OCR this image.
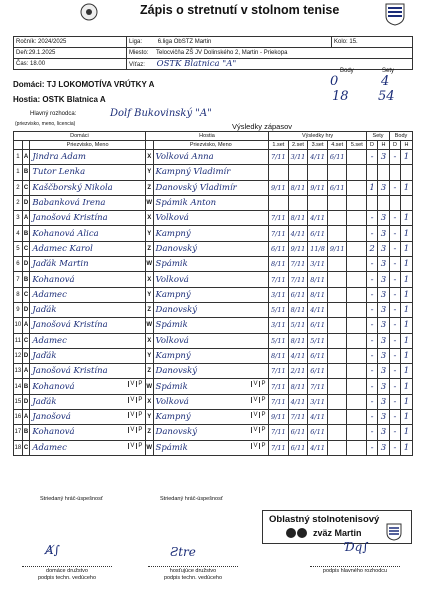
Zápis o stretnutí v stolnom tenise
Ročník: 2024/2025	Liga: 6.liga ObSTZ Martin	Kolo: 15.
Deň:29.1.2025	Miesto: Telocvičňa ZŠ JV Dolinského 2, Martin - Priekopa	
Čas: 18.00	Víťaz: OSTK Blatnica "A"	
Body	Sety
Domáci: TJ LOKOMOTÍVA VRÚTKY A	0	4
Hostia: OSTK Blatnica A	18 54
Hlavný rozhodca:
(priezvisko, meno, licencia)
Dolf Bukovinský "A"
Výsledky zápasov
Domáci			Hostia		Výsledky hry					Sety		Body	
		Priezvisko, Meno		Priezvisko, Meno	1.set	2.set	3.set	4.set	5.set	D	H	D	H
1	A	Jindra Adam	X	Volková Anna	7/11	3/11	4/11	6/11		-	3	-	1
1	B	Tutor Lenka	Y	Kampný Vladimír									
2	C	Kaščborský Nikola	Z	Danovský Vladimír	9/11	8/11	9/11	6/11		1	3	-	1
2	D	Babanková Irena	W	Spámik Anton									
3	A	Janošová Kristína	X	Volková	7/11	8/11	4/11			-	3	-	1
4	B	Kohanová Alica	Y	Kampný	7/11	4/11	6/11			-	3	-	1
5	C	Adamec Karol	Z	Danovský	6/11	9/11	11/8	9/11		2	3	-	1
6	D	Jaďák Martin	W	Spámik	8/11	7/11	3/11			-	3	-	1
7	B	Kohanová	X	Volková	7/11	7/11	8/11			-	3	-	1
8	C	Adamec	Y	Kampný	3/11	6/11	8/11			-	3	-	1
9	D	Jaďák	Z	Danovský	5/11	8/11	4/11			-	3	-	1
10	A	Janošová Kristína	W	Spámik	3/11	5/11	6/11			-	3	-	1
11	C	Adamec	X	Volková	5/11	8/11	5/11			-	3	-	1
12	D	Jaďák	Y	Kampný	8/11	4/11	6/11			-	3	-	1
13	A	Janošová Kristína	Z	Danovský	7/11	2/11	6/11			-	3	-	1
14	B	Kohanová V P	W	Spámik V P	7/11	8/11	7/11			-	3	-	1
15	D	Jaďák V P	X	Volková V P	7/11	4/11	3/11			-	3	-	1
16	A	Janošová V P	Y	Kampný V P	9/11	7/11	4/11			-	3	-	1
17	B	Kohanová V P	Z	Danovský V P	7/11	6/11	6/11			-	3	-	1
18	C	Adamec V P	W	Spámik V P	7/11	6/11	4/11			-	3	-	1
Striedaný hráč-úspešnosť	Striedaný hráč-úspešnosť
Oblastný stolnotenisový
zväz Martin
Ⱥ∫	Ƨtre	Ɗq∫
domáce družstvo
podpis techn. vedúceho
hosťujúce družstvo
podpis techn. vedúceho
podpis hlavného rozhodcu
